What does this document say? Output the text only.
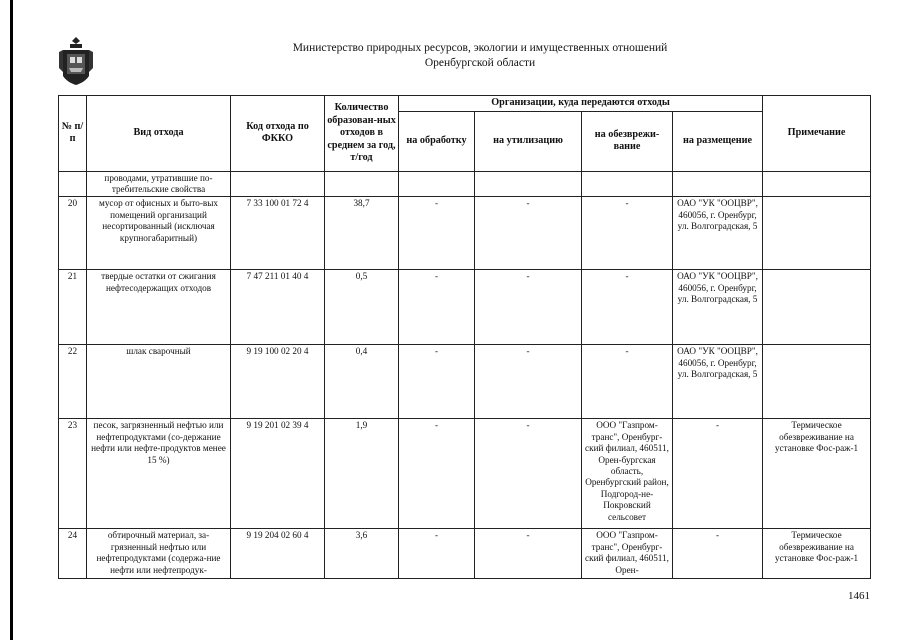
Министерство природных ресурсов, экологии и имущественных отношений
Оренбургской области
№ п/п	Вид отхода	Код отхода по ФККО	Количество образован-ных отходов в среднем за год, т/год	Организации, куда передаются отходы				Примечание
				на обработку	на утилизацию	на обезврежи-вание	на размещение	
	проводами, утратившие по-требительские свойства							
20	мусор от офисных и быто-вых помещений организаций несортированный (исключая крупногабаритный)	7 33 100 01 72 4	38,7	-	-	-	ОАО "УК "ООЦВР", 460056, г. Оренбург, ул. Волгоградская, 5	
21	твердые остатки от сжигания нефтесодержащих отходов	7 47 211 01 40 4	0,5	-	-	-	ОАО "УК "ООЦВР", 460056, г. Оренбург, ул. Волгоградская, 5	
22	шлак сварочный	9 19 100 02 20 4	0,4	-	-	-	ОАО "УК "ООЦВР", 460056, г. Оренбург, ул. Волгоградская, 5	
23	песок, загрязненный нефтью или нефтепродуктами (со-держание нефти или нефте-продуктов менее 15 %)	9 19 201 02 39 4	1,9	-	-	ООО "Газпром-транс", Оренбург-ский филиал, 460511, Орен-бургская область, Оренбургский район, Подгород-не-Покровский сельсовет	-	Термическое обезвреживание на установке Фос-раж-1
24	обтирочный материал, за-грязненный нефтью или нефтепродуктами (содержа-ние нефти или нефтепродук-	9 19 204 02 60 4	3,6	-	-	ООО "Газпром-транс", Оренбург-ский филиал, 460511, Орен-	-	Термическое обезвреживание на установке Фос-раж-1
1461
